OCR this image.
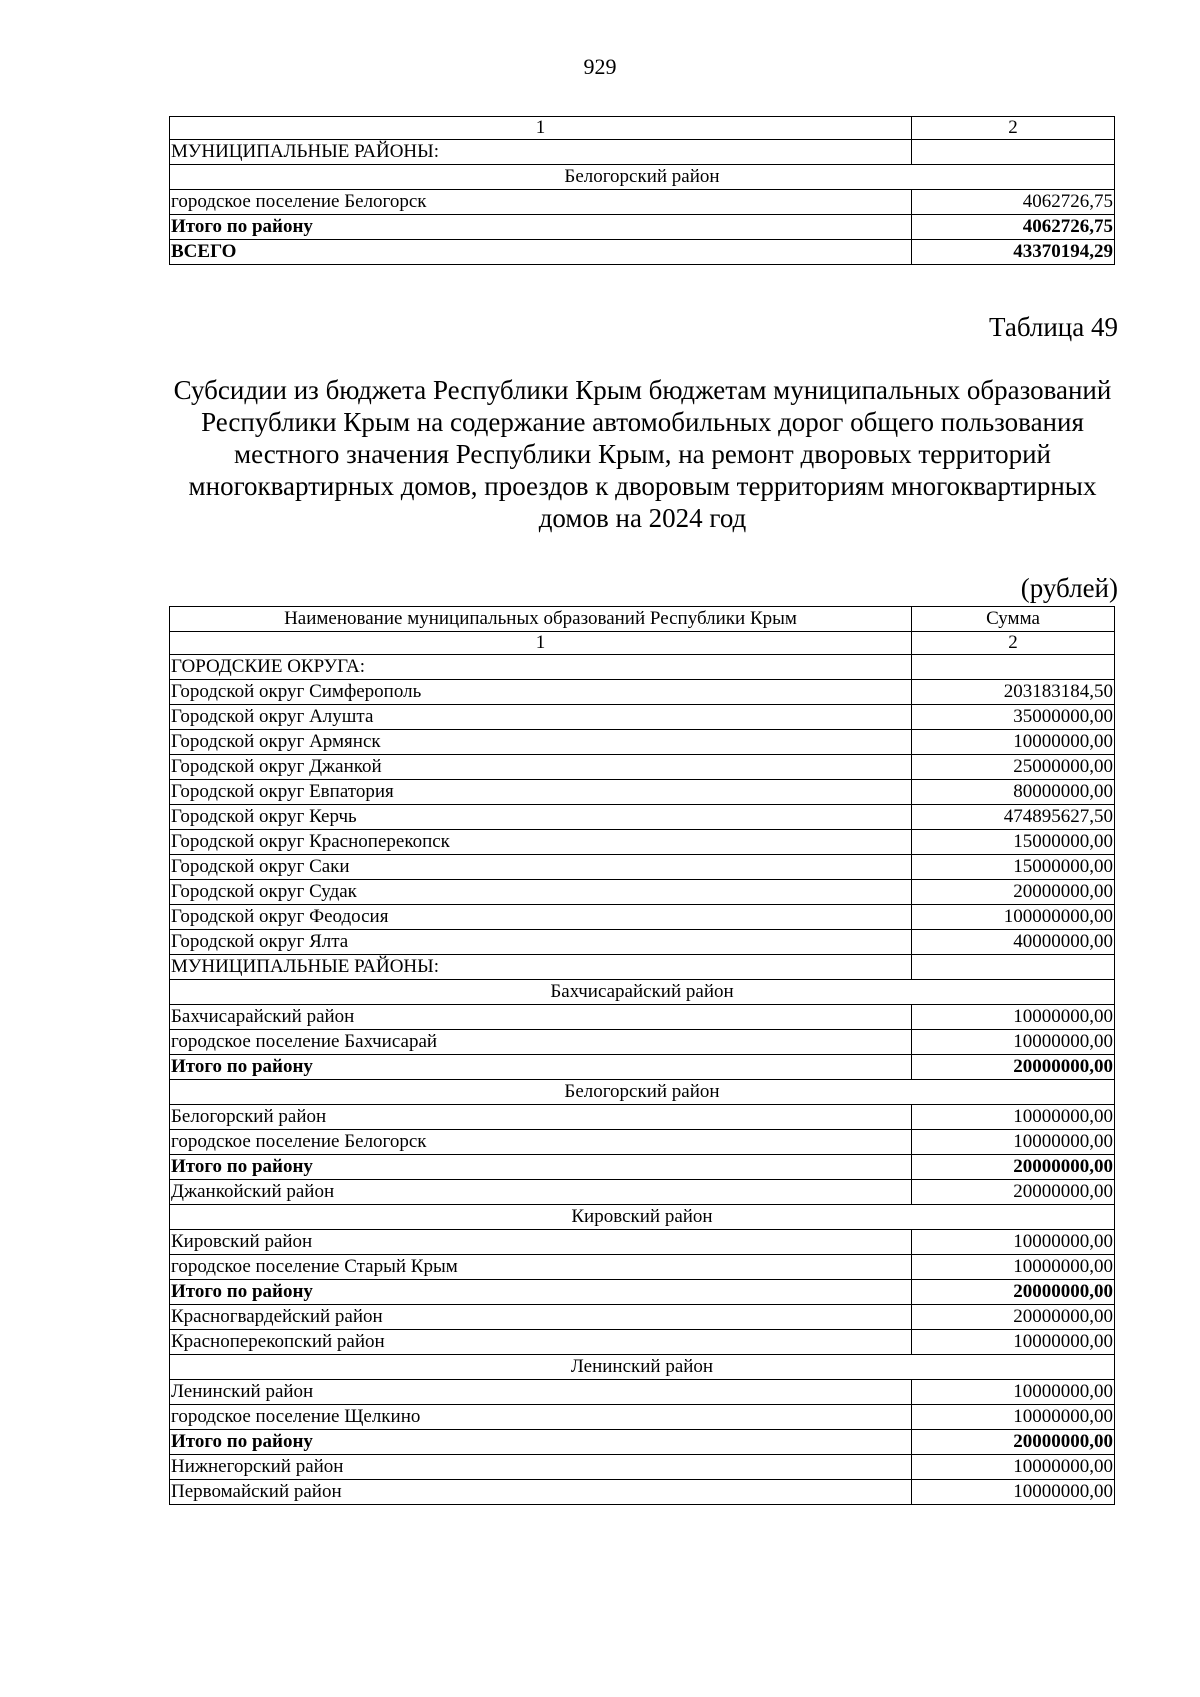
929
1	2
МУНИЦИПАЛЬНЫЕ РАЙОНЫ:	
Белогорский район	
городское поселение Белогорск	4062726,75
Итого по району	4062726,75
ВСЕГО	43370194,29
Таблица 49
Субсидии из бюджета Республики Крым бюджетам муниципальных образований Республики Крым на содержание автомобильных дорог общего пользования местного значения Республики Крым, на ремонт дворовых территорий многоквартирных домов, проездов к дворовым территориям многоквартирных домов на 2024 год
(рублей)
Наименование муниципальных образований Республики Крым	Сумма
1	2
ГОРОДСКИЕ ОКРУГА:	
Городской округ Симферополь	203183184,50
Городской округ Алушта	35000000,00
Городской округ Армянск	10000000,00
Городской округ Джанкой	25000000,00
Городской округ Евпатория	80000000,00
Городской округ Керчь	474895627,50
Городской округ Красноперекопск	15000000,00
Городской округ Саки	15000000,00
Городской округ Судак	20000000,00
Городской округ Феодосия	100000000,00
Городской округ Ялта	40000000,00
МУНИЦИПАЛЬНЫЕ РАЙОНЫ:	
Бахчисарайский район	
Бахчисарайский район	10000000,00
городское поселение Бахчисарай	10000000,00
Итого по району	20000000,00
Белогорский район	
Белогорский район	10000000,00
городское поселение Белогорск	10000000,00
Итого по району	20000000,00
Джанкойский район	20000000,00
Кировский район	
Кировский район	10000000,00
городское поселение Старый Крым	10000000,00
Итого по району	20000000,00
Красногвардейский район	20000000,00
Красноперекопский район	10000000,00
Ленинский район	
Ленинский район	10000000,00
городское поселение Щелкино	10000000,00
Итого по району	20000000,00
Нижнегорский район	10000000,00
Первомайский район	10000000,00
